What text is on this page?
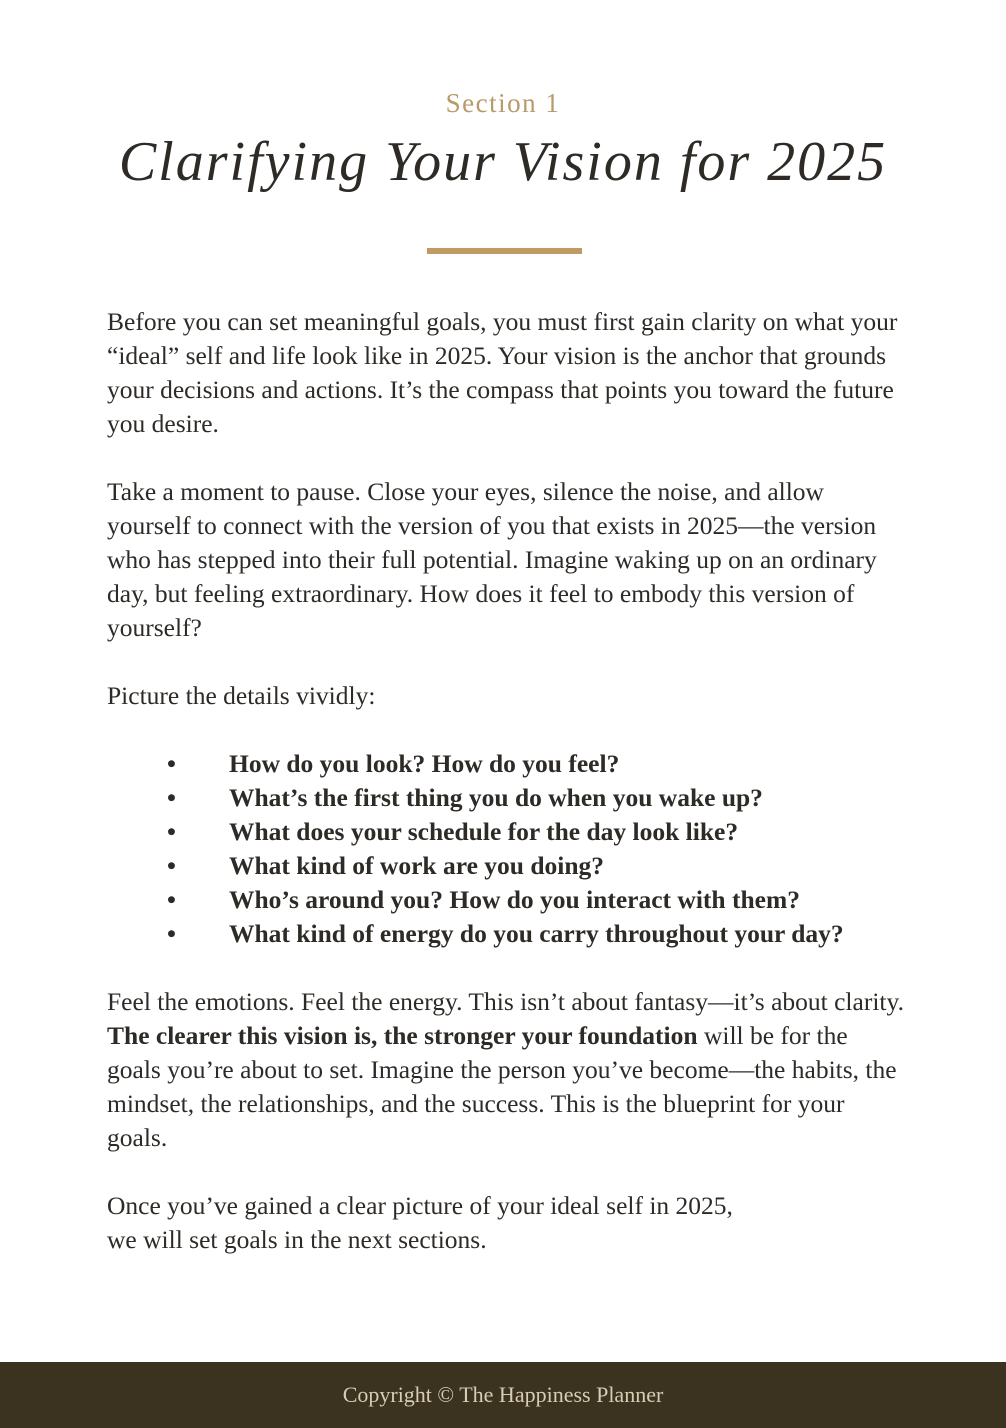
Section 1
Clarifying Your Vision for 2025

Before you can set meaningful goals, you must first gain clarity on what your “ideal” self and life look like in 2025. Your vision is the anchor that grounds your decisions and actions. It’s the compass that points you toward the future you desire.

Take a moment to pause. Close your eyes, silence the noise, and allow yourself to connect with the version of you that exists in 2025—the version who has stepped into their full potential. Imagine waking up on an ordinary day, but feeling extraordinary. How does it feel to embody this version of yourself?

Picture the details vividly:

• How do you look? How do you feel?
• What’s the first thing you do when you wake up?
• What does your schedule for the day look like?
• What kind of work are you doing?
• Who’s around you? How do you interact with them?
• What kind of energy do you carry throughout your day?

Feel the emotions. Feel the energy. This isn’t about fantasy—it’s about clarity. The clearer this vision is, the stronger your foundation will be for the goals you’re about to set. Imagine the person you’ve become—the habits, the mindset, the relationships, and the success. This is the blueprint for your goals.

Once you’ve gained a clear picture of your ideal self in 2025,
we will set goals in the next sections.

Copyright © The Happiness Planner
